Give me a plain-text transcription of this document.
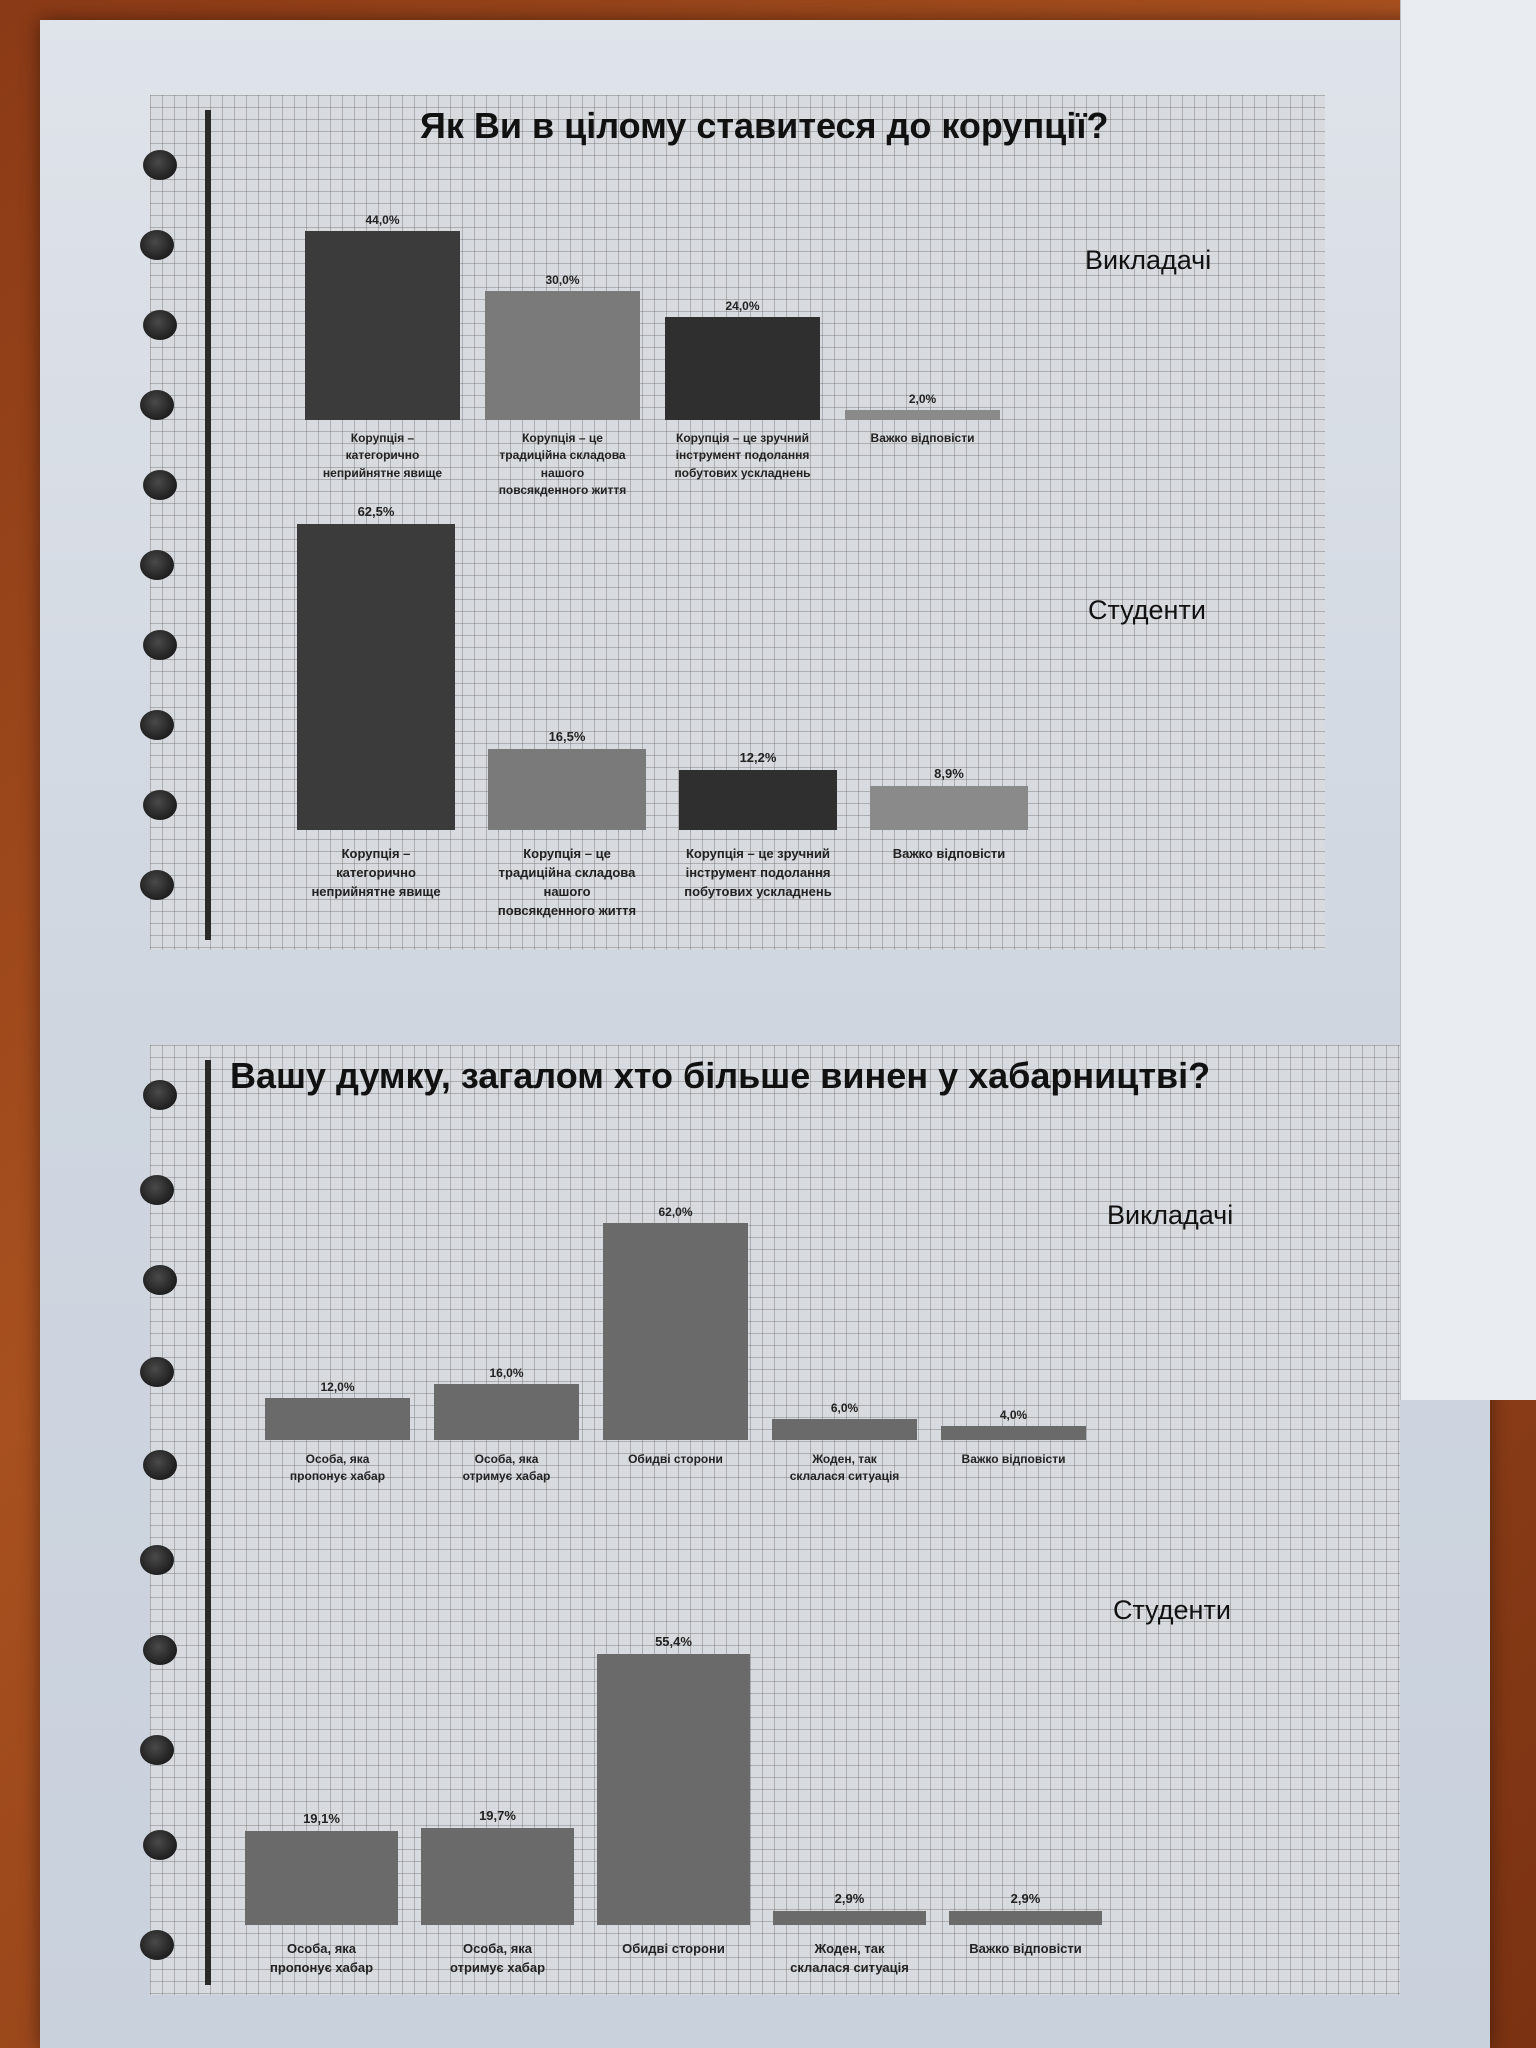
Як Ви в цілому ставитеся до корупції?
Викладачі
Студенти
44,0%
Корупція –
категорично
неприйнятне явище
30,0%
Корупція – це
традиційна складова
нашого
повсякденного життя
24,0%
Корупція – це зручний
інструмент подолання
побутових ускладнень
2,0%
Важко відповісти
62,5%
Корупція –
категорично
неприйнятне явище
16,5%
Корупція – це
традиційна складова
нашого
повсякденного життя
12,2%
Корупція – це зручний
інструмент подолання
побутових ускладнень
8,9%
Важко відповісти
Вашу думку, загалом хто більше винен у хабарництві?
Викладачі
Студенти
12,0%
Особа, яка
пропонує хабар
16,0%
Особа, яка
отримує хабар
62,0%
Обидві сторони
6,0%
Жоден, так
склалася ситуація
4,0%
Важко відповісти
19,1%
Особа, яка
пропонує хабар
19,7%
Особа, яка
отримує хабар
55,4%
Обидві сторони
2,9%
Жоден, так
склалася ситуація
2,9%
Важко відповісти
